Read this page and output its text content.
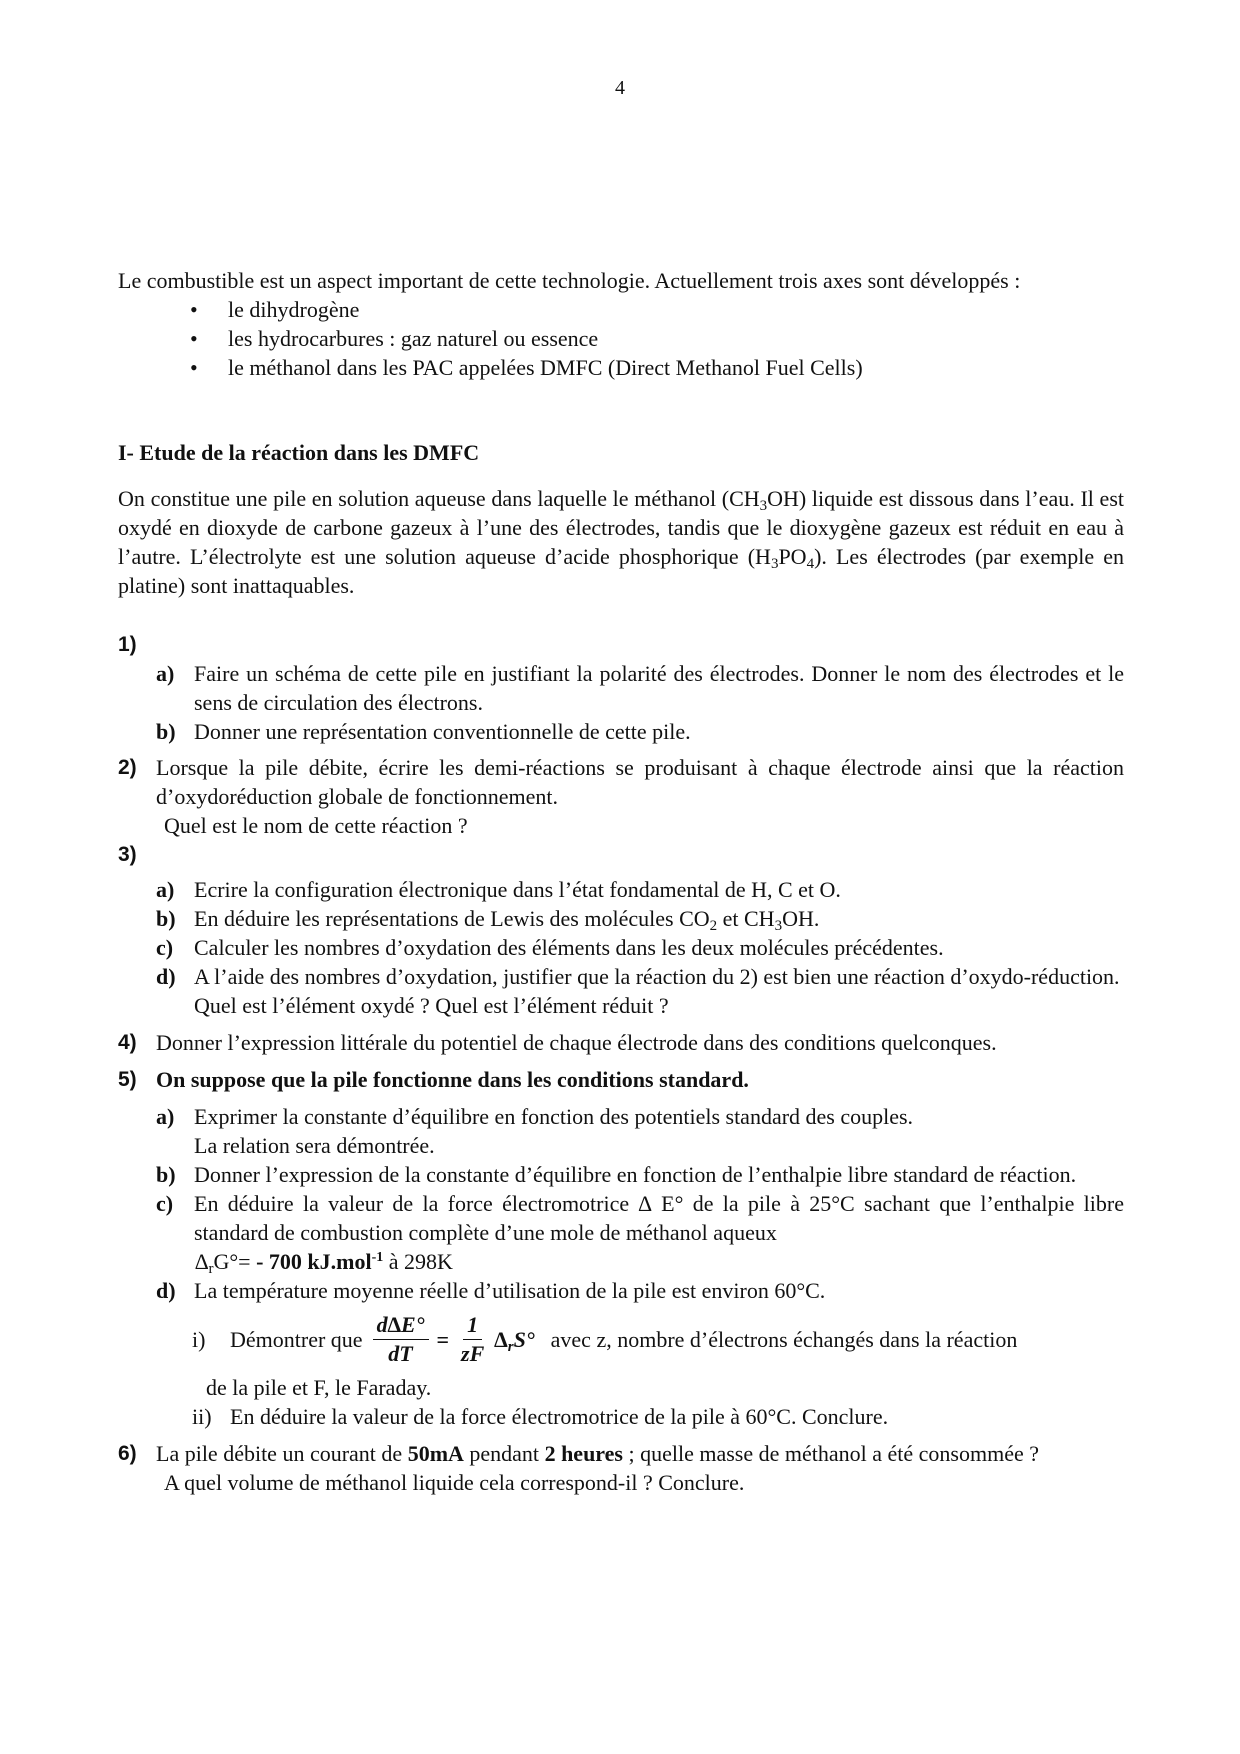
4
Le combustible est un aspect important de cette technologie. Actuellement trois axes sont développés :
• le dihydrogène
• les hydrocarbures : gaz naturel ou essence
• le méthanol dans les PAC appelées DMFC (Direct Methanol Fuel Cells)
I- Etude de la réaction dans les DMFC
On constitue une pile en solution aqueuse dans laquelle le méthanol $(CH_3OH)$ liquide est dissous dans l’eau. Il est oxydé en dioxyde de carbone gazeux à l’une des électrodes, tandis que le dioxygène gazeux est réduit en eau à l’autre. L’électrolyte est une solution aqueuse d’acide phosphorique $(H_3PO_4)$. Les électrodes (par exemple en platine) sont inattaquables.
1)

a) Faire un schéma de cette pile en justifiant la polarité des électrodes. Donner le nom des électrodes et le sens de circulation des électrons.
b) Donner une représentation conventionnelle de cette pile.
2) Lorsque la pile débite, écrire les demi-réactions se produisant à chaque électrode ainsi que la réaction d’oxydoréduction globale de fonctionnement.
Quel est le nom de cette réaction ?
3)

a) Ecrire la configuration électronique dans l’état fondamental de H, C et O.
b) En déduire les représentations de Lewis des molécules $CO_2$ et $CH_3OH$.
c) Calculer les nombres d’oxydation des éléments dans les deux molécules précédentes.
d) A l’aide des nombres d’oxydation, justifier que la réaction du 2) est bien une réaction d’oxydo-réduction.
Quel est l’élément oxydé ? Quel est l’élément réduit ?
4) Donner l’expression littérale du potentiel de chaque électrode dans des conditions quelconques.
5) On suppose que la pile fonctionne dans les conditions standard.
a) Exprimer la constante d’équilibre en fonction des potentiels standard des couples.
La relation sera démontrée.
b) Donner l’expression de la constante d’équilibre en fonction de l’enthalpie libre standard de réaction.
c) En déduire la valeur de la force électromotrice ∆ E° de la pile à 25°C sachant que l’enthalpie libre standard de combustion complète d’une mole de méthanol aqueux
$\Delta_rG^\circ= - 700$ kJ.mol$^{-1}$ à 298K
d) La température moyenne réelle d’utilisation de la pile est environ 60°C.
i) Démontrer que $\frac{d\Delta E^\circ}{dT} = \frac{1}{zF} \Delta_rS^\circ$ avec z, nombre d’électrons échangés dans la réaction
de la pile et F, le Faraday.
ii) En déduire la valeur de la force électromotrice de la pile à 60°C. Conclure.
6) La pile débite un courant de 50mA pendant 2 heures ; quelle masse de méthanol a été consommée ?
A quel volume de méthanol liquide cela correspond-il ? Conclure.
